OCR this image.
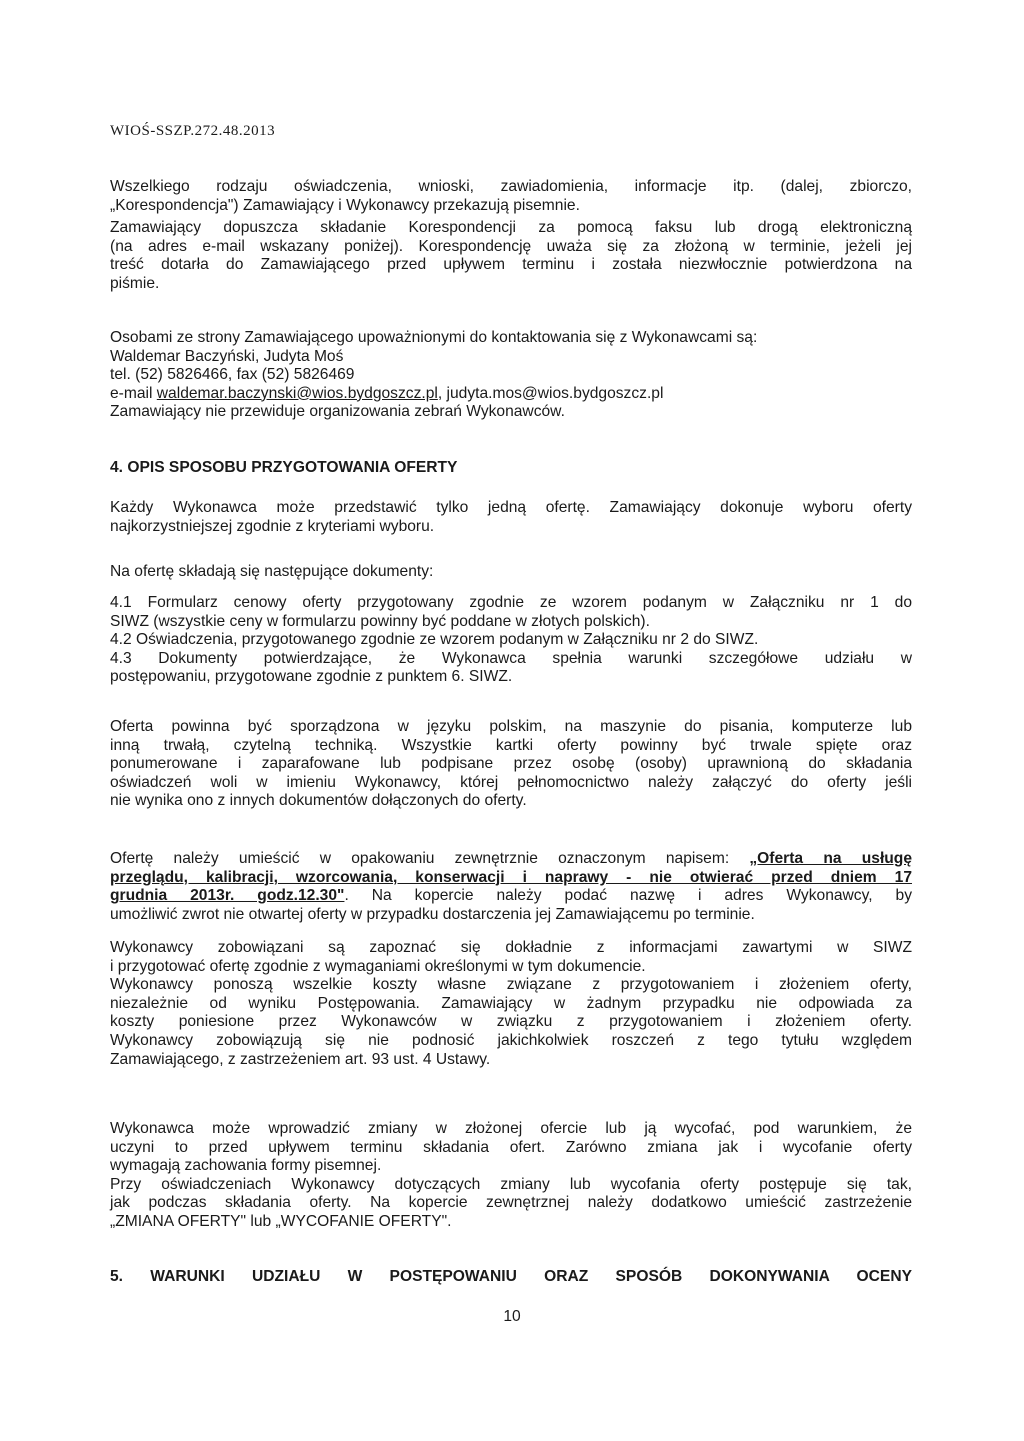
WIOŚ-SSZP.272.48.2013

Wszelkiego rodzaju oświadczenia, wnioski, zawiadomienia, informacje itp. (dalej, zbiorczo,

„Korespondencja") Zamawiający i Wykonawcy przekazują pisemnie.

Zamawiający dopuszcza składanie Korespondencji za pomocą faksu lub drogą elektroniczną

(na adres e-mail wskazany poniżej). Korespondencję uważa się za złożoną w terminie, jeżeli jej

treść dotarła do Zamawiającego przed upływem terminu i została niezwłocznie potwierdzona na

piśmie.

Osobami ze strony Zamawiającego upoważnionymi do kontaktowania się z Wykonawcami są:

Waldemar Baczyński, Judyta Moś

tel. (52) 5826466, fax (52) 5826469

e-mail waldemar.baczynski@wios.bydgoszcz.pl, judyta.mos@wios.bydgoszcz.pl

Zamawiający nie przewiduje organizowania zebrań Wykonawców.

4. OPIS SPOSOBU PRZYGOTOWANIA OFERTY

Każdy Wykonawca może przedstawić tylko jedną ofertę. Zamawiający dokonuje wyboru oferty

najkorzystniejszej zgodnie z kryteriami wyboru.

Na ofertę składają się następujące dokumenty:

4.1 Formularz cenowy oferty przygotowany zgodnie ze wzorem podanym w Załączniku nr 1 do

SIWZ (wszystkie ceny w formularzu powinny być poddane w złotych polskich).

4.2 Oświadczenia, przygotowanego zgodnie ze wzorem podanym w Załączniku nr 2 do SIWZ.

4.3 Dokumenty potwierdzające, że Wykonawca spełnia warunki szczegółowe udziału w

postępowaniu, przygotowane zgodnie z punktem 6. SIWZ.

Oferta powinna być sporządzona w języku polskim, na maszynie do pisania, komputerze lub

inną trwałą, czytelną techniką. Wszystkie kartki oferty powinny być trwale spięte oraz

ponumerowane i zaparafowane lub podpisane przez osobę (osoby) uprawnioną do składania

oświadczeń woli w imieniu Wykonawcy, której pełnomocnictwo należy załączyć do oferty jeśli

nie wynika ono z innych dokumentów dołączonych do oferty.

Ofertę należy umieścić w opakowaniu zewnętrznie oznaczonym napisem: „Oferta na usługę

przeglądu, kalibracji, wzorcowania, konserwacji i naprawy - nie otwierać przed dniem 17

grudnia 2013r. godz.12.30". Na kopercie należy podać nazwę i adres Wykonawcy, by

umożliwić zwrot nie otwartej oferty w przypadku dostarczenia jej Zamawiającemu po terminie.

Wykonawcy zobowiązani są zapoznać się dokładnie z informacjami zawartymi w SIWZ

i przygotować ofertę zgodnie z wymaganiami określonymi w tym dokumencie.

Wykonawcy ponoszą wszelkie koszty własne związane z przygotowaniem i złożeniem oferty,

niezależnie od wyniku Postępowania. Zamawiający w żadnym przypadku nie odpowiada za

koszty poniesione przez Wykonawców w związku z przygotowaniem i złożeniem oferty.

Wykonawcy zobowiązują się nie podnosić jakichkolwiek roszczeń z tego tytułu względem

Zamawiającego, z zastrzeżeniem art. 93 ust. 4 Ustawy.

Wykonawca może wprowadzić zmiany w złożonej ofercie lub ją wycofać, pod warunkiem, że

uczyni to przed upływem terminu składania ofert. Zarówno zmiana jak i wycofanie oferty

wymagają zachowania formy pisemnej.

Przy oświadczeniach Wykonawcy dotyczących zmiany lub wycofania oferty postępuje się tak,

jak podczas składania oferty. Na kopercie zewnętrznej należy dodatkowo umieścić zastrzeżenie

„ZMIANA OFERTY" lub „WYCOFANIE OFERTY".

5. WARUNKI UDZIAŁU W POSTĘPOWANIU ORAZ SPOSÓB DOKONYWANIA OCENY
10
